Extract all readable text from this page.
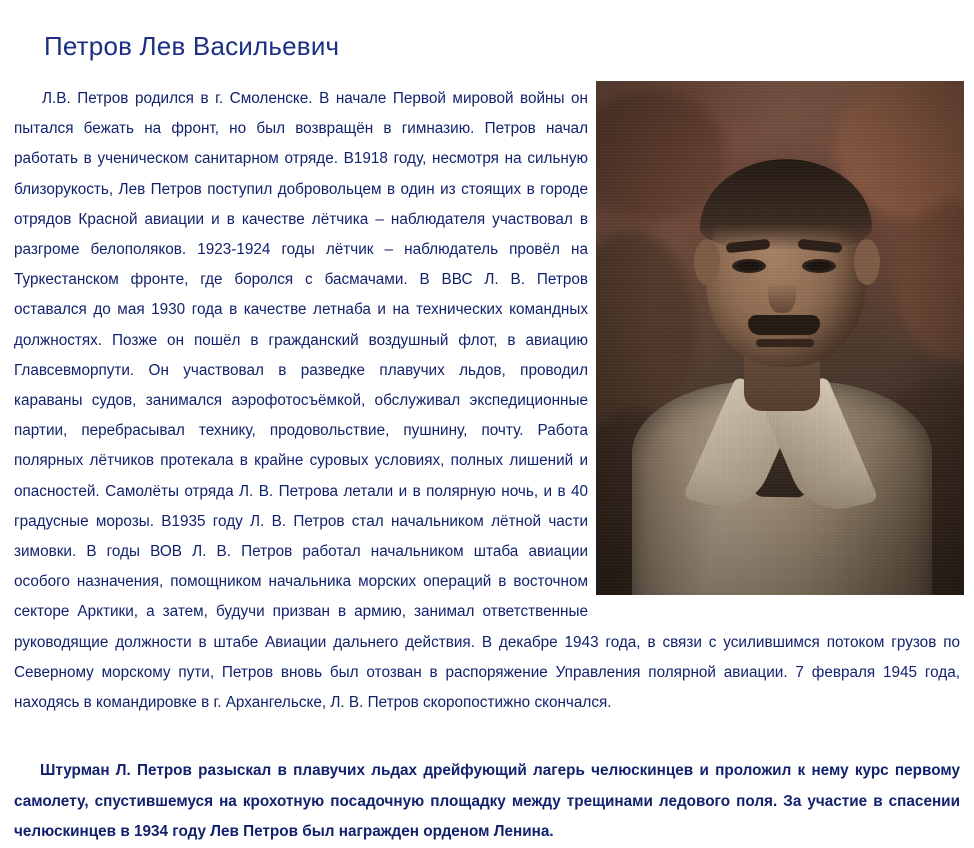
Петров Лев Васильевич

Л.В. Петров родился в г. Смоленске. В начале Первой мировой войны он пытался бежать на фронт, но был возвращён в гимназию. Петров начал работать в ученическом санитарном отряде. В1918 году, несмотря на сильную близорукость, Лев Петров поступил добровольцем в один из стоящих в городе отрядов Красной авиации и в качестве лётчика – наблюдателя участвовал в разгроме белополяков. 1923-1924 годы лётчик – наблюдатель провёл на Туркестанском фронте, где боролся с басмачами. В ВВС Л. В. Петров оставался до мая 1930 года в качестве летнаба и на технических командных должностях. Позже он пошёл в гражданский воздушный флот, в авиацию Главсевморпути. Он участвовал в разведке плавучих льдов, проводил караваны судов, занимался аэрофотосъёмкой, обслуживал экспедиционные партии, перебрасывал технику, продовольствие, пушнину, почту. Работа полярных лётчиков протекала в крайне суровых условиях, полных лишений и опасностей. Самолёты отряда Л. В. Петрова летали и в полярную ночь, и в 40 градусные морозы. В1935 году Л. В. Петров стал начальником лётной части зимовки. В годы ВОВ Л. В. Петров работал начальником штаба авиации особого назначения, помощником начальника морских операций в восточном секторе Арктики, а затем, будучи призван в армию, занимал ответственные руководящие должности в штабе Авиации дальнего действия. В декабре 1943 года, в связи с усилившимся потоком грузов по Северному морскому пути, Петров вновь был отозван в распоряжение Управления полярной авиации. 7 февраля 1945 года, находясь в командировке в г. Архангельске, Л. В. Петров скоропостижно скончался.

Штурман Л. Петров разыскал в плавучих льдах дрейфующий лагерь челюскинцев и проложил к нему курс первому самолету, спустившемуся на крохотную посадочную площадку между трещинами ледового поля. За участие в спасении челюскинцев в 1934 году Лев Петров был награжден орденом Ленина.
